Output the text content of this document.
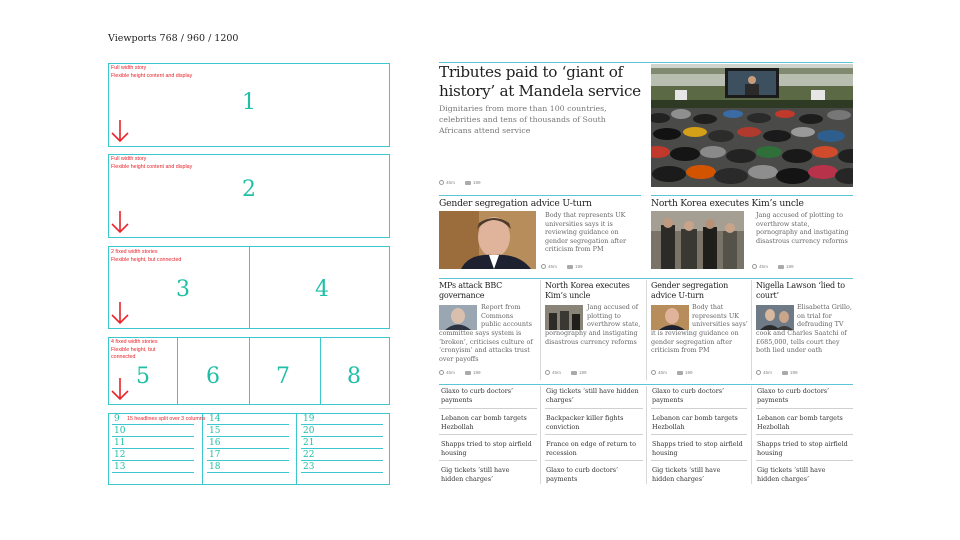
Viewports 768 / 960 / 1200
Full width story
Flexible height content and display
1
Full width story
Flexible height content and display
2
2 fixed width stories
Flexible height, but connected
3	4
4 fixed width stories
Flexible height, but
connected
5	6	7	8
15 headlines split over 3 columns
9
10
11
12
13
14
15
16
17
18
19
20
21
22
23
Tributes paid to ‘giant of history’ at Mandela service
Dignitaries from more than 100 countries, celebrities and tens of thousands of South Africans attend service
45m	199
Gender segregation advice U-turn
Body that represents UK universities says it is reviewing guidance on gender segregation after criticism from PM
45m	199
North Korea executes Kim’s uncle
Jang accused of plotting to overthrow state, pornography and instigating disastrous currency reforms
45m	199
MPs attack BBC governance
Report from Commons public accounts
committee says system is ‘broken’, criticises culture of ‘cronyism’ and attacks trust over payoffs
45m	199
North Korea executes Kim’s uncle
Jang accused of plotting to overthrow state,
pornography and instigating disastrous currency reforms
45m	199
Gender segregation advice U-turn
Body that represents UK universities says’
it is reviewing guidance on gender segregation after criticism from PM
45m	199
Nigella Lawson ‘lied to court’
Elisabetta Grillo, on trial for defrauding TV
cook and Charles Saatchi of £685,000, tells court they both lied under oath
45m	199
Glaxo to curb doctors’ payments
Lebanon car bomb targets Hezbollah
Shapps tried to stop airfield housing
Gig tickets ‘still have hidden charges’
Gig tickets ‘still have hidden charges’
Backpacker killer fights conviction
France on edge of return to recession
Glaxo to curb doctors’ payments
Glaxo to curb doctors’ payments
Lebanon car bomb targets Hezbollah
Shapps tried to stop airfield housing
Gig tickets ‘still have hidden charges’
Glaxo to curb doctors’ payments
Lebanon car bomb targets Hezbollah
Shapps tried to stop airfield housing
Gig tickets ‘still have hidden charges’
